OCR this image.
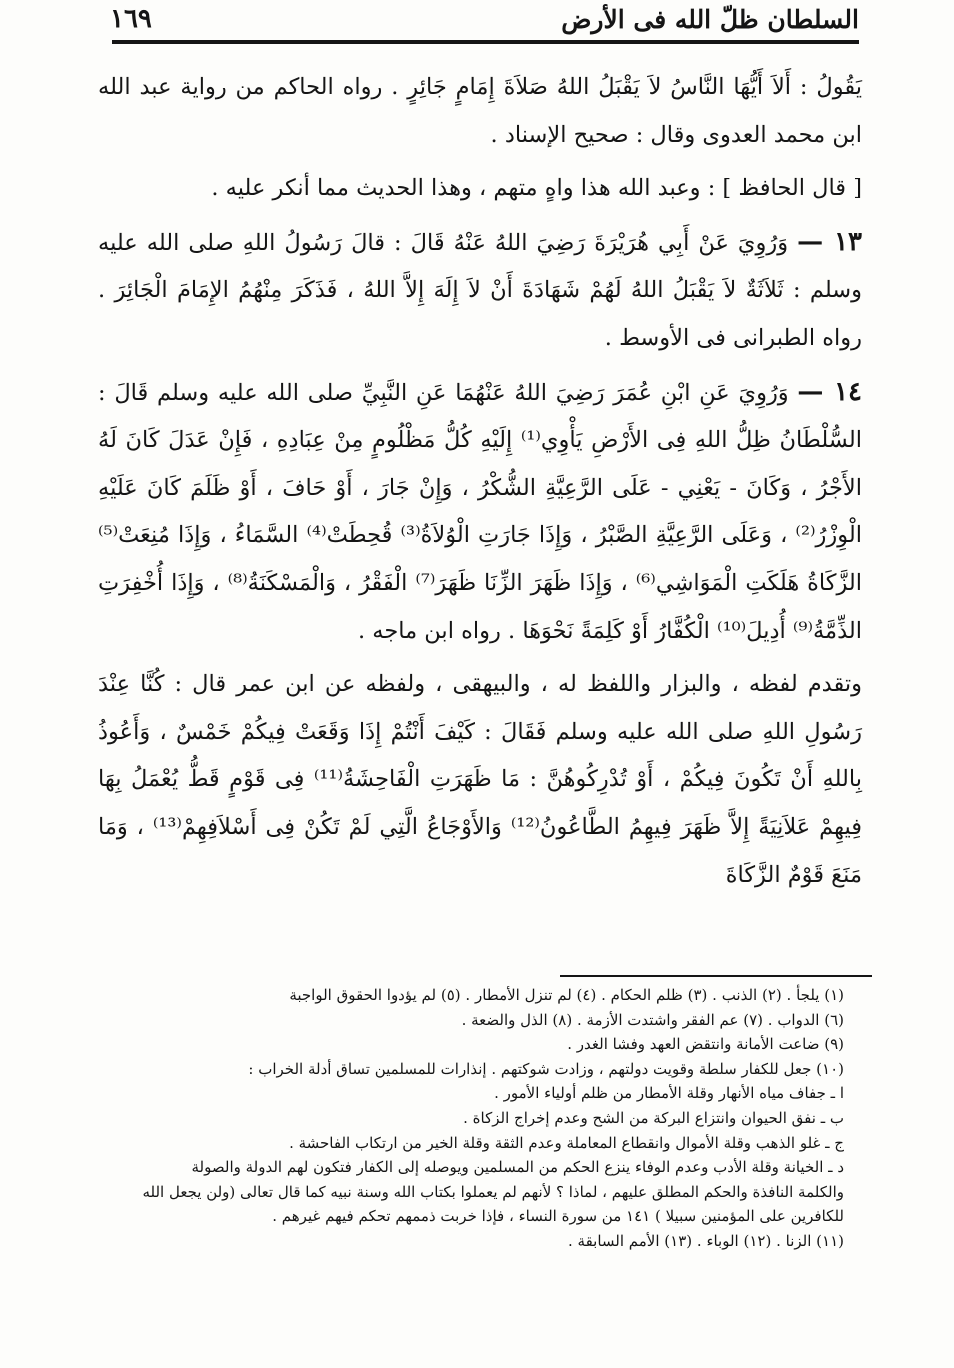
السلطان ظلّ الله فى الأرض
١٦٩
يَقُولُ : أَلاَ أَيُّهَا النَّاسُ لاَ يَقْبَلُ اللهُ صَلاَةَ إِمَامٍ جَائِرٍ . رواه الحاكم من رواية عبد الله ابن محمد العدوى وقال : صحيح الإسناد .
[ قال الحافظ ] : وعبد الله هذا واهٍ متهم ، وهذا الحديث مما أنكر عليه .
١٣ — وَرُوِيَ عَنْ أَبِي هُرَيْرَةَ رَضِيَ اللهُ عَنْهُ قَالَ : قالَ رَسُولُ اللهِ صلى الله عليه وسلم : ثَلاَثَةٌ لاَ يَقْبَلُ اللهُ لَهُمْ شَهَادَةَ أَنْ لاَ إِلَهَ إِلاَّ اللهُ ، فَذَكَرَ مِنْهُمُ الإِمَامَ الْجَائِرَ . رواه الطبرانى فى الأوسط .
١٤ — وَرُوِيَ عَنِ ابْنِ عُمَرَ رَضِيَ اللهُ عَنْهُمَا عَنِ النَّبِيِّ صلى الله عليه وسلم قَالَ : السُّلْطَانُ ظِلُّ اللهِ فِى الأَرْضِ يَأْوِي⁽¹⁾ إِلَيْهِ كُلُّ مَظْلُومٍ مِنْ عِبَادِهِ ، فَإِنْ عَدَلَ كَانَ لَهُ الأَجْرُ ، وَكَانَ - يَعْنِي - عَلَى الرَّعِيَّةِ الشُّكْرُ ، وَإِنْ جَارَ ، أَوْ حَافَ ، أَوْ ظَلَمَ كَانَ عَلَيْهِ الْوِزْرُ⁽²⁾ ، وَعَلَى الرَّعِيَّةِ الصَّبْرُ ، وَإِذَا جَارَتِ الْوُلاَةُ⁽³⁾ قُحِطَتْ⁽⁴⁾ السَّمَاءُ ، وَإِذَا مُنِعَتْ⁽⁵⁾ الزَّكَاةُ هَلَكَتِ الْمَوَاشِي⁽⁶⁾ ، وَإِذَا ظَهَرَ الزِّنَا ظَهَرَ⁽⁷⁾ الْفَقْرُ ، وَالْمَسْكَنَةُ⁽⁸⁾ ، وَإِذَا أُخْفِرَتِ الذِّمَّةُ⁽⁹⁾ أُدِيلَ⁽¹⁰⁾ الْكُفَّارُ أَوْ كَلِمَةً نَحْوَهَا . رواه ابن ماجه .
وتقدم لفظه ، والبزار واللفظ له ، والبيهقى ، ولفظه عن ابن عمر قال : كُنَّا عِنْدَ رَسُولِ اللهِ صلى الله عليه وسلم فَقَالَ : كَيْفَ أَنْتُمْ إِذَا وَقَعَتْ فِيكُمْ خَمْسٌ ، وَأَعُوذُ بِاللهِ أَنْ تَكُونَ فِيكُمْ ، أَوْ تُدْرِكُوهُنَّ : مَا ظَهَرَتِ الْفَاحِشَةُ⁽¹¹⁾ فِى قَوْمٍ قَطُّ يُعْمَلُ بِهَا فِيهِمْ عَلاَنِيَةً إِلاَّ ظَهَرَ فِيهِمُ الطَّاعُونُ⁽¹²⁾ وَالأَوْجَاعُ الَّتِي لَمْ تَكُنْ فِى أَسْلاَفِهِمْ⁽¹³⁾ ، وَمَا مَنَعَ قَوْمٌ الزَّكَاةَ
(١) يلجأ . (٢) الذنب . (٣) ظلم الحكام . (٤) لم تنزل الأمطار . (٥) لم يؤدوا الحقوق الواجبة
(٦) الدواب . (٧) عم الفقر واشتدت الأزمة . (٨) الذل والضعة .
(٩) ضاعت الأمانة وانتقض العهد وفشا الغدر .
(١٠) جعل للكفار سلطة وقويت دولتهم ، وزادت شوكتهم . إنذارات للمسلمين تساق أدلة الخراب :
ا ـ جفاف مياه الأنهار وقلة الأمطار من ظلم أولياء الأمور .
ب ـ نفق الحيوان وانتزاع البركة من الشح وعدم إخراج الزكاة .
ج ـ غلو الذهب وقلة الأموال وانقطاع المعاملة وعدم الثقة وقلة الخير من ارتكاب الفاحشة .
د ـ الخيانة وقلة الأدب وعدم الوفاء ينزع الحكم من المسلمين ويوصله إلى الكفار فتكون لهم الدولة والصولة
والكلمة النافذة والحكم المطلق عليهم ، لماذا ؟ لأنهم لم يعملوا بكتاب الله وسنة نبيه كما قال تعالى (ولن يجعل الله
للكافرين على المؤمنين سبيلا ) ١٤١ من سورة النساء ، فإذا خربت ذممهم تحكم فيهم غيرهم .
(١١) الزنا . (١٢) الوباء . (١٣) الأمم السابقة .
